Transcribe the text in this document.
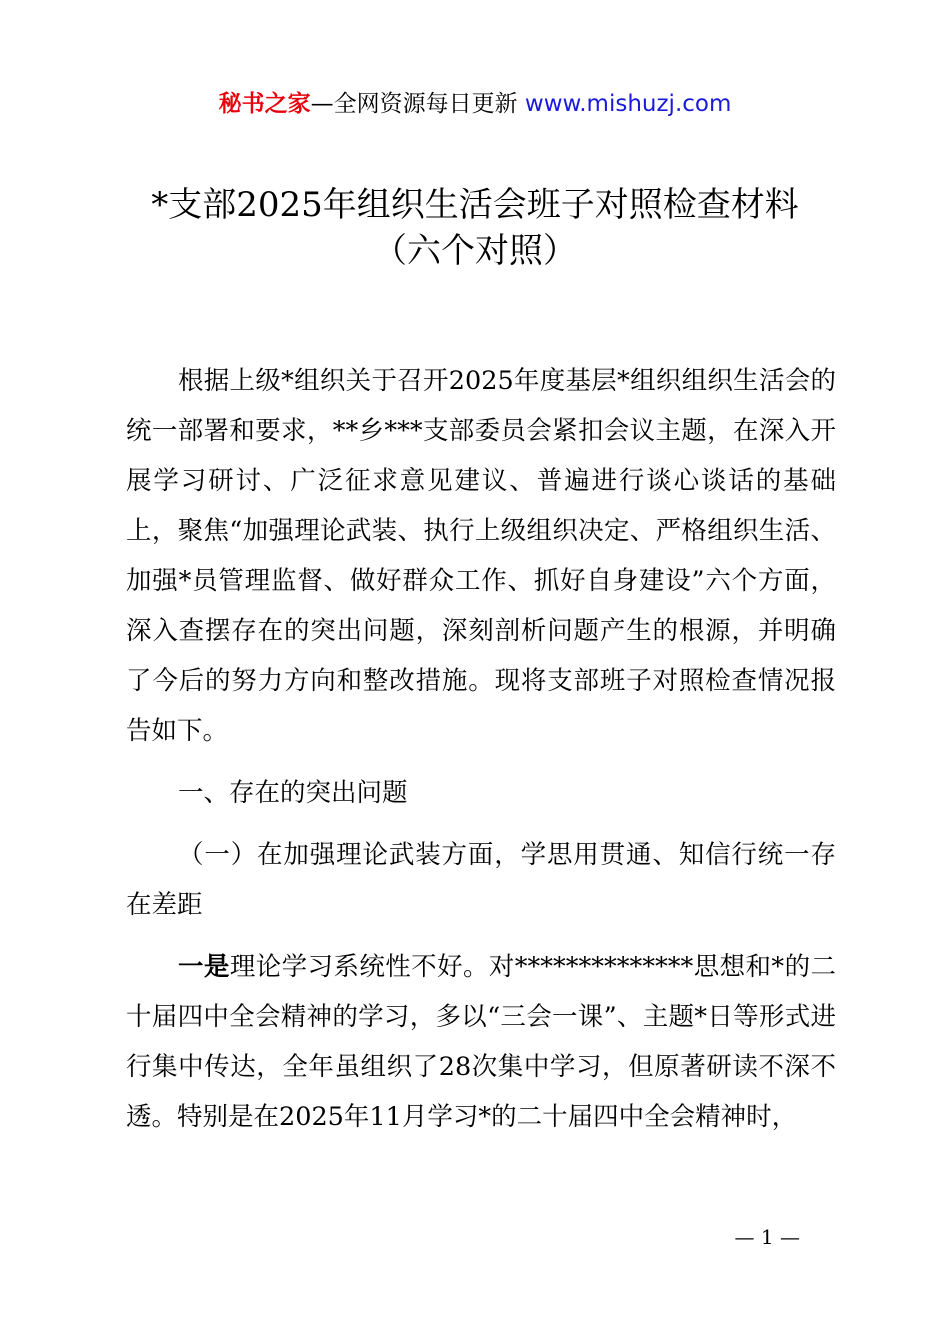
秘书之家—全网资源每日更新 www.mishuzj.com
*支部2025年组织生活会班子对照检查材料
（六个对照）

根据上级*组织关于召开2025年度基层*组织组织生活会的统一部署和要求，**乡***支部委员会紧扣会议主题，在深入开展学习研讨、广泛征求意见建议、普遍进行谈心谈话的基础上，聚焦“加强理论武装、执行上级组织决定、严格组织生活、加强*员管理监督、做好群众工作、抓好自身建设”六个方面，深入查摆存在的突出问题，深刻剖析问题产生的根源，并明确了今后的努力方向和整改措施。现将支部班子对照检查情况报告如下。

一、存在的突出问题

（一）在加强理论武装方面，学思用贯通、知信行统一存在差距

一是理论学习系统性不好。对**************思想和*的二十届四中全会精神的学习，多以“三会一课”、主题*日等形式进行集中传达，全年虽组织了28次集中学习，但原著研读不深不透。特别是在2025年11月学习*的二十届四中全会精神时，

— 1 —
